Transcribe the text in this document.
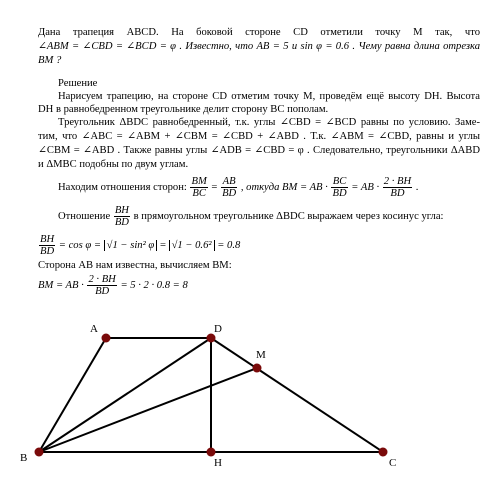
Дана трапеция ABCD. На боковой стороне CD отметили точку M так, что
∠ABM = ∠CBD = ∠BCD = φ . Известно, что AB = 5 и sin φ = 0.6 . Чему равна длина отрезка
BM ?
Решение
Нарисуем трапецию, на стороне CD отметим точку M, проведём ещё высоту DH. Высота
DH в равнобедренном треугольнике делит сторону BC пополам.
Треугольник ΔBDC равнобедренный, т.к. углы ∠CBD = ∠BCD равны по условию. Заме-
тим, что ∠ABC = ∠ABM + ∠CBM = ∠CBD + ∠ABD . Т.к. ∠ABM = ∠CBD, равны и углы
∠CBM = ∠ABD . Также равны углы ∠ADB = ∠CBD = φ . Следовательно, треугольники ΔABD
и ΔMBC подобны по двум углам.
Находим отношения сторон: $\frac{BM}{BC} = \frac{AB}{BD}$ , откуда BM = AB · $\frac{BC}{BD}$ = AB · $\frac{2 \cdot BH}{BD}$ .
Отношение $\frac{BH}{BD}$ в прямоугольном треугольнике ΔBDC выражаем через косинус угла:
$\frac{BH}{BD} = \cos \varphi = √1 - \sin^2$ φ = √1 − 0.6² = 0.8
Сторона AB нам известна, вычисляем BM:
BM = AB · $\frac{2 \cdot BH}{BD} = 5 \cdot 2 \cdot 0.8 = 8$
A	D
M
B	H	C
